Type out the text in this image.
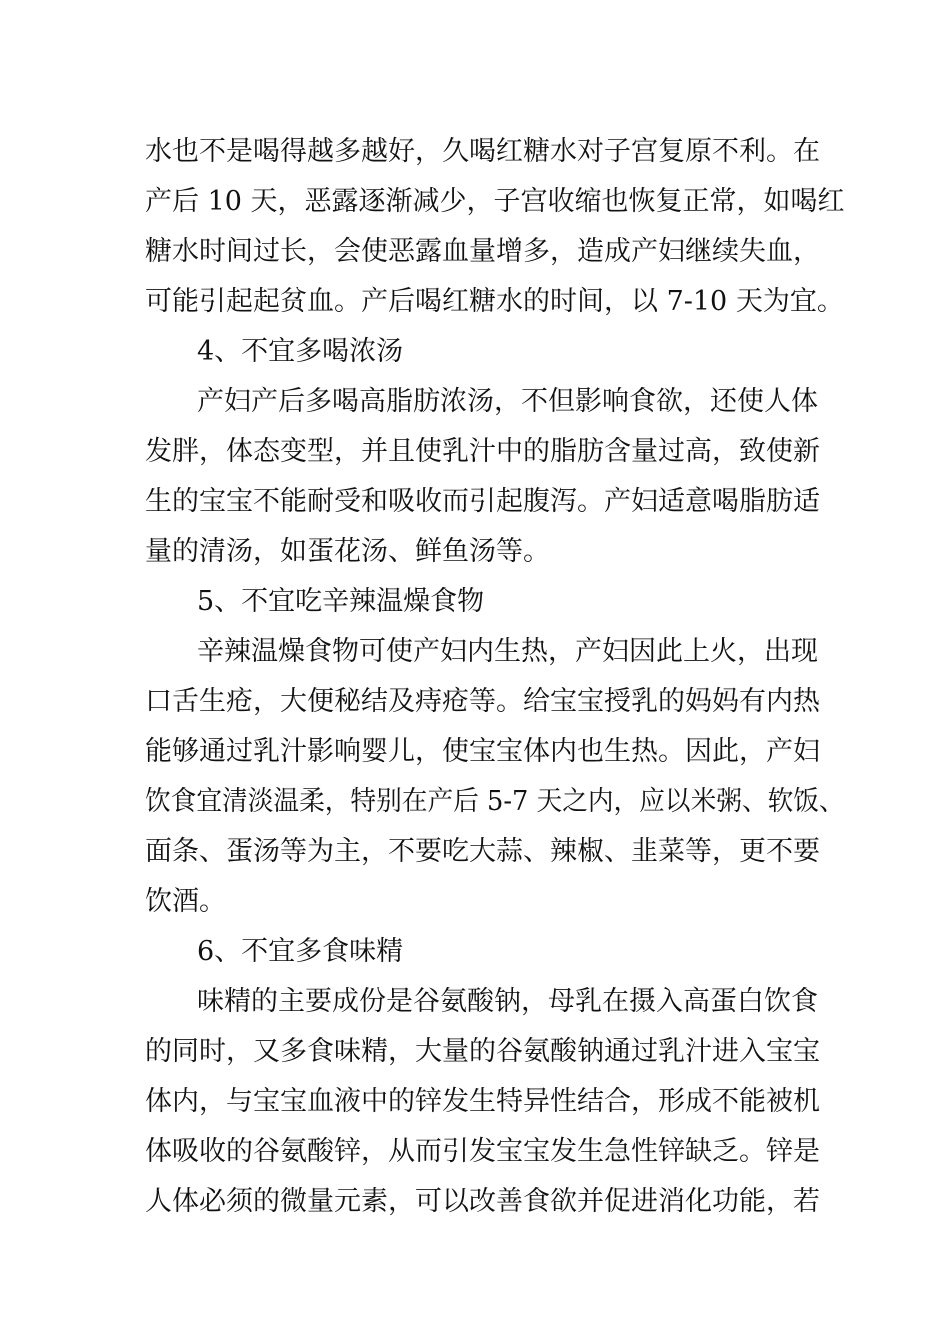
水也不是喝得越多越好，久喝红糖水对子宫复原不利。在
产后 10 天，恶露逐渐减少，子宫收缩也恢复正常，如喝红
糖水时间过长，会使恶露血量增多，造成产妇继续失血，
可能引起起贫血。产后喝红糖水的时间，以 7-10 天为宜。
4、不宜多喝浓汤
产妇产后多喝高脂肪浓汤，不但影响食欲，还使人体
发胖，体态变型，并且使乳汁中的脂肪含量过高，致使新
生的宝宝不能耐受和吸收而引起腹泻。产妇适意喝脂肪适
量的清汤，如蛋花汤、鲜鱼汤等。
5、不宜吃辛辣温燥食物
辛辣温燥食物可使产妇内生热，产妇因此上火，出现
口舌生疮，大便秘结及痔疮等。给宝宝授乳的妈妈有内热
能够通过乳汁影响婴儿，使宝宝体内也生热。因此，产妇
饮食宜清淡温柔，特别在产后 5-7 天之内，应以米粥、软饭、
面条、蛋汤等为主，不要吃大蒜、辣椒、韭菜等，更不要
饮酒。
6、不宜多食味精
味精的主要成份是谷氨酸钠，母乳在摄入高蛋白饮食
的同时，又多食味精，大量的谷氨酸钠通过乳汁进入宝宝
体内，与宝宝血液中的锌发生特异性结合，形成不能被机
体吸收的谷氨酸锌，从而引发宝宝发生急性锌缺乏。锌是
人体必须的微量元素，可以改善食欲并促进消化功能，若
